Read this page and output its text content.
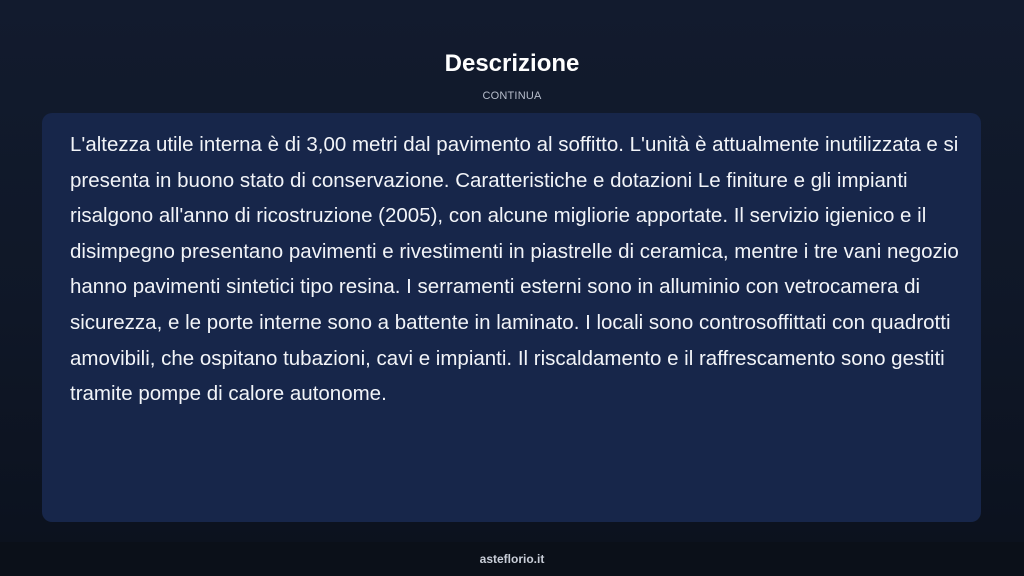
Descrizione
CONTINUA

L'altezza utile interna è di 3,00 metri dal pavimento al soffitto. L'unità è attualmente inutilizzata e si presenta in buono stato di conservazione. Caratteristiche e dotazioni Le finiture e gli impianti risalgono all'anno di ricostruzione (2005), con alcune migliorie apportate. Il servizio igienico e il disimpegno presentano pavimenti e rivestimenti in piastrelle di ceramica, mentre i tre vani negozio hanno pavimenti sintetici tipo resina. I serramenti esterni sono in alluminio con vetrocamera di sicurezza, e le porte interne sono a battente in laminato. I locali sono controsoffittati con quadrotti amovibili, che ospitano tubazioni, cavi e impianti. Il riscaldamento e il raffrescamento sono gestiti tramite pompe di calore autonome.

asteflorio.it
